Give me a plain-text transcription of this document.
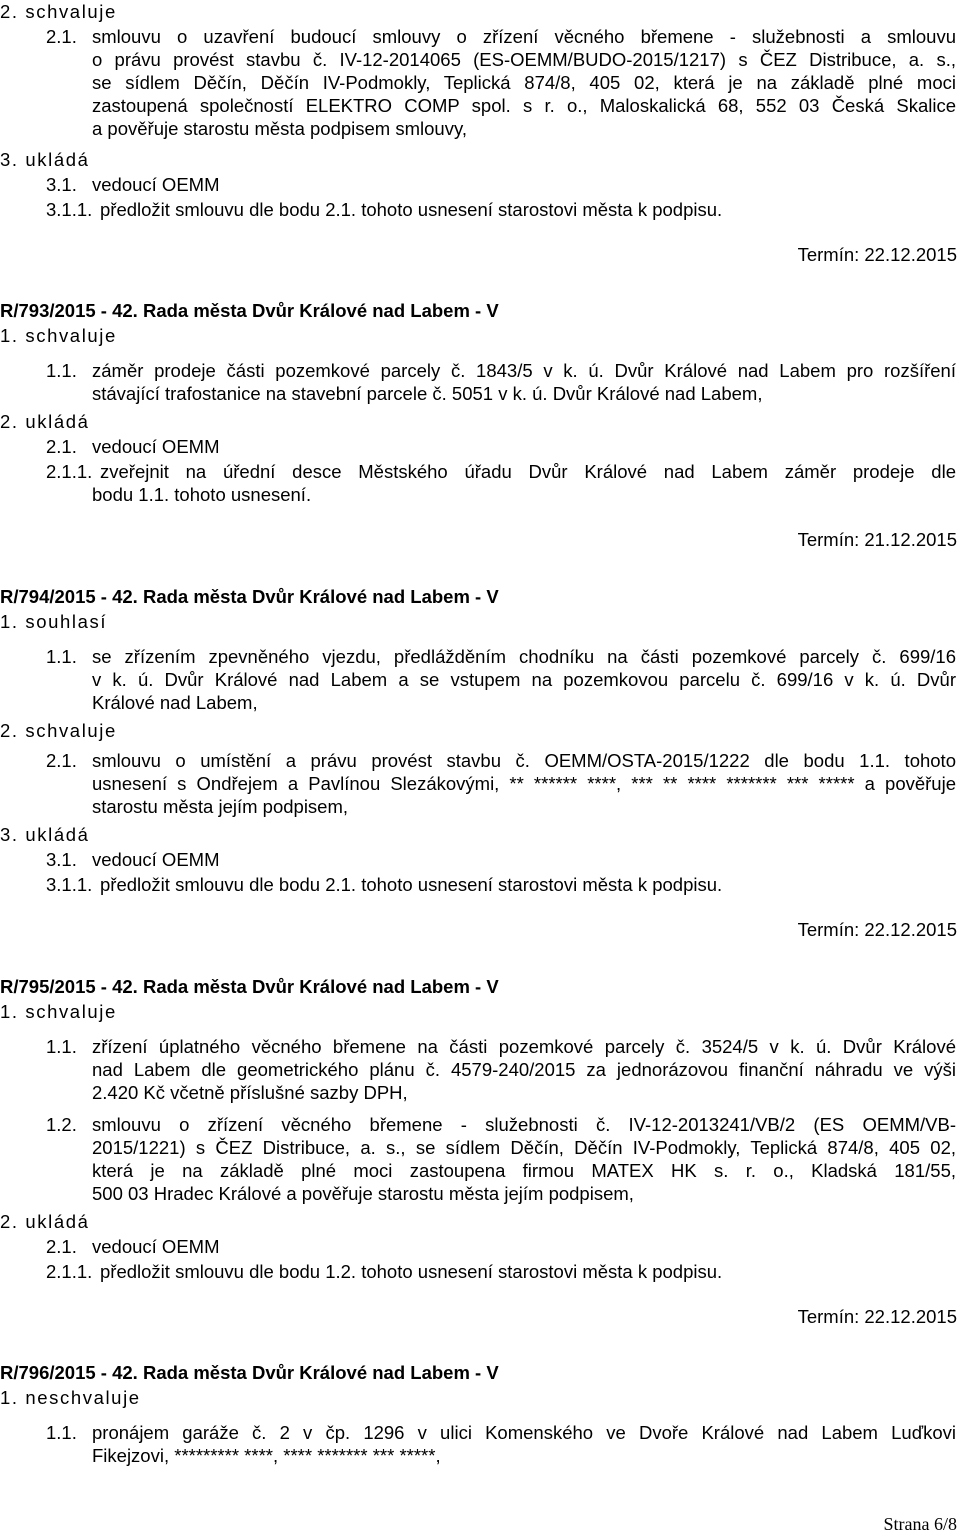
2. schvaluje
2.1. smlouvu o uzavření budoucí smlouvy o zřízení věcného břemene - služebnosti a smlouvu
o právu provést stavbu č. IV-12-2014065 (ES-OEMM/BUDO-2015/1217) s ČEZ Distribuce, a. s.,
se sídlem Děčín, Děčín IV-Podmokly, Teplická 874/8, 405 02, která je na základě plné moci
zastoupená společností ELEKTRO COMP spol. s r. o., Maloskalická 68, 552 03 Česká Skalice
a pověřuje starostu města podpisem smlouvy,
3. ukládá
3.1. vedoucí OEMM
3.1.1. předložit smlouvu dle bodu 2.1. tohoto usnesení starostovi města k podpisu.
Termín: 22.12.2015
R/793/2015 - 42. Rada města Dvůr Králové nad Labem - V
1. schvaluje
1.1. záměr prodeje části pozemkové parcely č. 1843/5 v k. ú. Dvůr Králové nad Labem pro rozšíření
stávající trafostanice na stavební parcele č. 5051 v k. ú. Dvůr Králové nad Labem,
2. ukládá
2.1. vedoucí OEMM
2.1.1. zveřejnit na úřední desce Městského úřadu Dvůr Králové nad Labem záměr prodeje dle
bodu 1.1. tohoto usnesení.
Termín: 21.12.2015
R/794/2015 - 42. Rada města Dvůr Králové nad Labem - V
1. souhlasí
1.1. se zřízením zpevněného vjezdu, předlážděním chodníku na části pozemkové parcely č. 699/16
v k. ú. Dvůr Králové nad Labem a se vstupem na pozemkovou parcelu č. 699/16 v k. ú. Dvůr
Králové nad Labem,
2. schvaluje
2.1. smlouvu o umístění a právu provést stavbu č. OEMM/OSTA-2015/1222 dle bodu 1.1. tohoto
usnesení s Ondřejem a Pavlínou Slezákovými, ** ****** ****, *** ** **** ******* *** ***** a pověřuje
starostu města jejím podpisem,
3. ukládá
3.1. vedoucí OEMM
3.1.1. předložit smlouvu dle bodu 2.1. tohoto usnesení starostovi města k podpisu.
Termín: 22.12.2015
R/795/2015 - 42. Rada města Dvůr Králové nad Labem - V
1. schvaluje
1.1. zřízení úplatného věcného břemene na části pozemkové parcely č. 3524/5 v k. ú. Dvůr Králové
nad Labem dle geometrického plánu č. 4579-240/2015 za jednorázovou finanční náhradu ve výši
2.420 Kč včetně příslušné sazby DPH,
1.2. smlouvu o zřízení věcného břemene - služebnosti č. IV-12-2013241/VB/2 (ES OEMM/VB-
2015/1221) s ČEZ Distribuce, a. s., se sídlem Děčín, Děčín IV-Podmokly, Teplická 874/8, 405 02,
která je na základě plné moci zastoupena firmou MATEX HK s. r. o., Kladská 181/55,
500 03 Hradec Králové a pověřuje starostu města jejím podpisem,
2. ukládá
2.1. vedoucí OEMM
2.1.1. předložit smlouvu dle bodu 1.2. tohoto usnesení starostovi města k podpisu.
Termín: 22.12.2015
R/796/2015 - 42. Rada města Dvůr Králové nad Labem - V
1. neschvaluje
1.1. pronájem garáže č. 2 v čp. 1296 v ulici Komenského ve Dvoře Králové nad Labem Luďkovi
Fikejzovi, ********* ****, **** ******* *** *****,
Strana 6/8
